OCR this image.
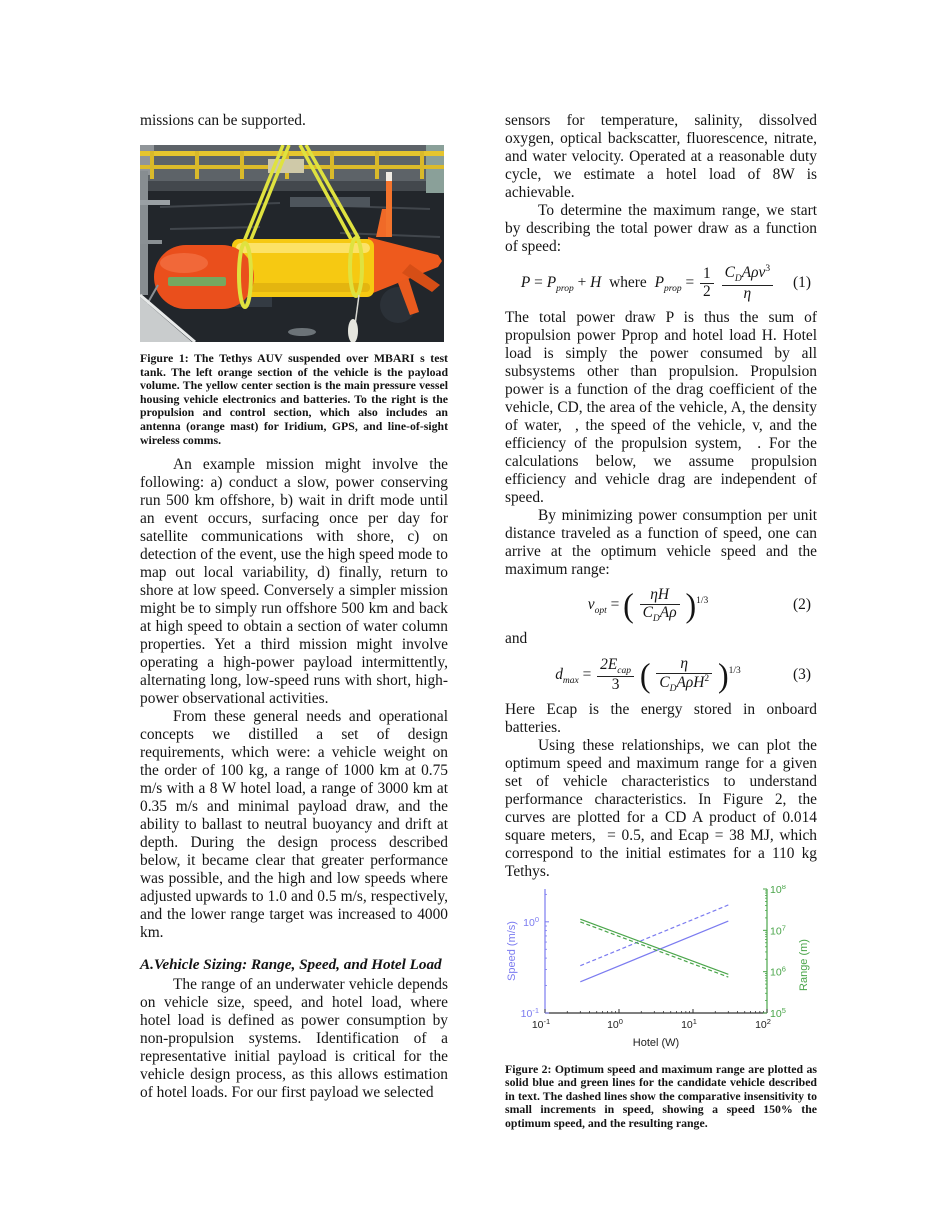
missions can be supported.

Figure 1: The Tethys AUV suspended over MBARI s test tank. The left orange section of the vehicle is the payload volume. The yellow center section is the main pressure vessel housing vehicle electronics and batteries. To the right is the propulsion and control section, which also includes an antenna (orange mast) for Iridium, GPS, and line-of-sight wireless comms.

An example mission might involve the following: a) conduct a slow, power conserving run 500 km offshore, b) wait in drift mode until an event occurs, surfacing once per day for satellite communications with shore, c) on detection of the event, use the high speed mode to map out local variability, d) finally, return to shore at low speed. Conversely a simpler mission might be to simply run offshore 500 km and back at high speed to obtain a section of water column properties. Yet a third mission might involve operating a high-power payload intermittently, alternating long, low-speed runs with short, high-power observational activities.

From these general needs and operational concepts we distilled a set of design requirements, which were: a vehicle weight on the order of 100 kg, a range of 1000 km at 0.75 m/s with a 8 W hotel load, a range of 3000 km at 0.35 m/s and minimal payload draw, and the ability to ballast to neutral buoyancy and drift at depth. During the design process described below, it became clear that greater performance was possible, and the high and low speeds where adjusted upwards to 1.0 and 0.5 m/s, respectively, and the lower range target was increased to 4000 km.

A.Vehicle Sizing: Range, Speed, and Hotel Load

The range of an underwater vehicle depends on vehicle size, speed, and hotel load, where hotel load is defined as power consumption by non-propulsion systems. Identification of a representative initial payload is critical for the vehicle design process, as this allows estimation of hotel loads. For our first payload we selected

sensors for temperature, salinity, dissolved oxygen, optical backscatter, fluorescence, nitrate, and water velocity. Operated at a reasonable duty cycle, we estimate a hotel load of 8W is achievable.

To determine the maximum range, we start by describing the total power draw as a function of speed:

$P = P_{prop} + H$ where $P_{prop} = \frac{1}{2}$
$\frac{C_DA\rho v^3}{\eta} (1)$

The total power draw P is thus the sum of propulsion power Pprop and hotel load H. Hotel load is simply the power consumed by all subsystems other than propulsion. Propulsion power is a function of the drag coefficient of the vehicle, CD, the area of the vehicle, A, the density of water,  , the speed of the vehicle, v, and the efficiency of the propulsion system,  . For the calculations below, we assume propulsion efficiency and vehicle drag are independent of speed.

By minimizing power consumption per unit distance traveled as a function of speed, one can arrive at the optimum vehicle speed and the maximum range:

$v_{opt}$ = ( $\frac{\eta H}{C_DA\rho} )^{1/3}$	(2)

and

$d_{max} = \frac{2E_{cap}}{3}$ ( $\frac{\eta}{C_DA\rho H^2} )^{1/3}$	(3)

Here Ecap is the energy stored in onboard batteries.

Using these relationships, we can plot the optimum speed and maximum range for a given set of vehicle characteristics to understand performance characteristics. In Figure 2, the curves are plotted for a CD A product of 0.014 square meters,  = 0.5, and Ecap = 38 MJ, which correspond to the initial estimates for a 110 kg Tethys.

$10^{-1}$	$10^0$	$10^1$	$10^2$
$10^{-1}$
$10^0$
$10^5$
$10^6$
$10^7$
$10^8$
Hotel (W)
Speed (m/s)	Range (m)
Figure 2: Optimum speed and maximum range are plotted as solid blue and green lines for the candidate vehicle described in text. The dashed lines show the comparative insensitivity to small increments in speed, showing a speed 150% the optimum speed, and the resulting range.
